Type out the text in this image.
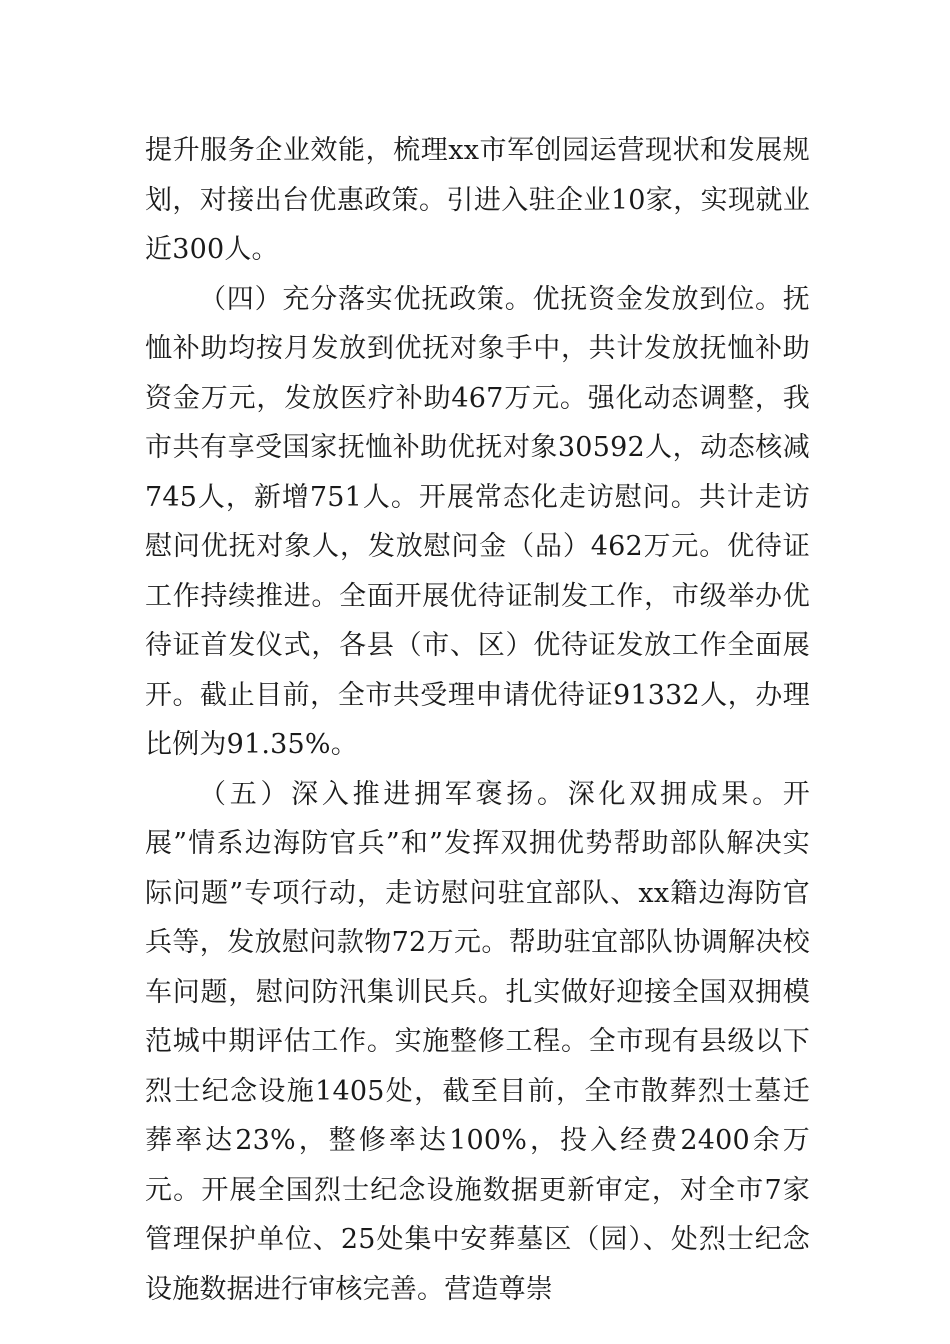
提升服务企业效能，梳理xx市军创园运营现状和发展规划，对接出台优惠政策。引进入驻企业10家，实现就业近300人。

（四）充分落实优抚政策。优抚资金发放到位。抚恤补助均按月发放到优抚对象手中，共计发放抚恤补助资金万元，发放医疗补助467万元。强化动态调整，我市共有享受国家抚恤补助优抚对象30592人，动态核减745人，新增751人。开展常态化走访慰问。共计走访慰问优抚对象人，发放慰问金（品）462万元。优待证工作持续推进。全面开展优待证制发工作，市级举办优待证首发仪式，各县（市、区）优待证发放工作全面展开。截止目前，全市共受理申请优待证91332人，办理比例为91.35%。

（五）深入推进拥军褒扬。深化双拥成果。开展”情系边海防官兵”和”发挥双拥优势帮助部队解决实际问题”专项行动，走访慰问驻宜部队、xx籍边海防官兵等，发放慰问款物72万元。帮助驻宜部队协调解决校车问题，慰问防汛集训民兵。扎实做好迎接全国双拥模范城中期评估工作。实施整修工程。全市现有县级以下烈士纪念设施1405处，截至目前，全市散葬烈士墓迁葬率达23%，整修率达100%，投入经费2400余万元。开展全国烈士纪念设施数据更新审定，对全市7家管理保护单位、25处集中安葬墓区（园）、处烈士纪念设施数据进行审核完善。营造尊崇
